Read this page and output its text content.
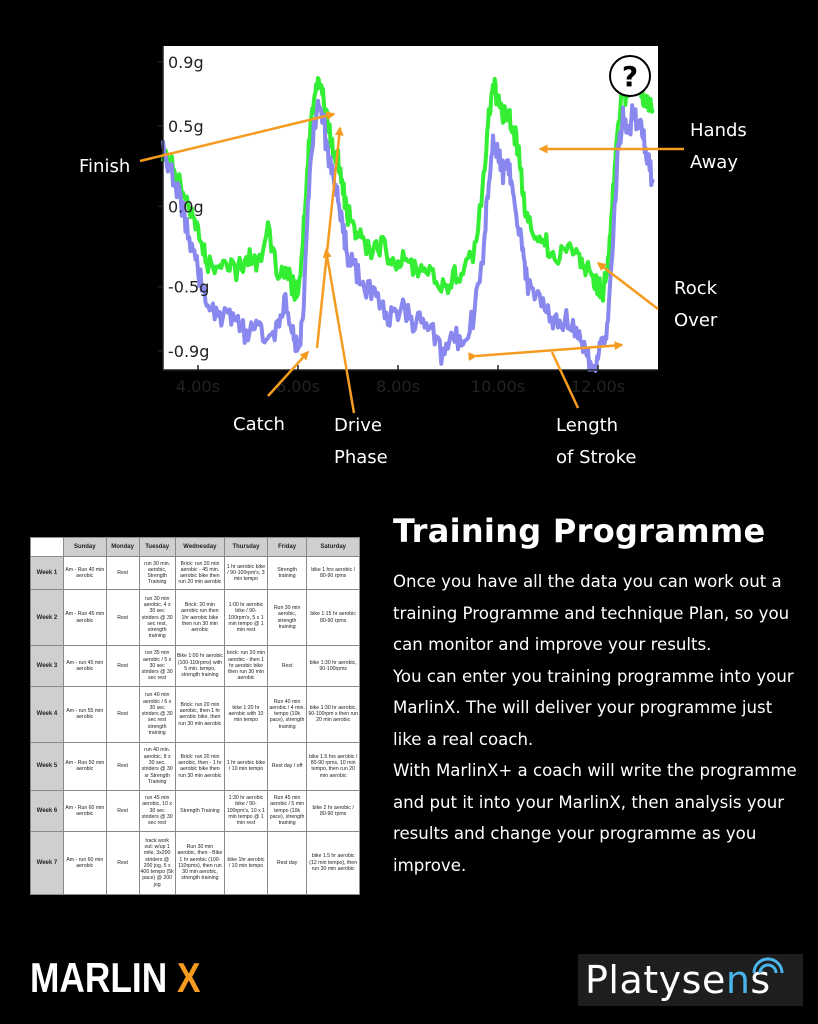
0.9g
0.5g
0.0g
-0.5g
-0.9g
4.00s	6.00s	8.00s	10.00s	12.00s
?
Finish
Hands
Away
Rock
Over
Catch	Drive
Phase
Length
of Stroke
	Sunday	Monday	Tuesday	Wednesday	Thursday	Friday	Saturday
Week 1	Am - Run 40 min aerobic	Rest	run 30 min. aerobic, Strength Training	Brick: run 20 min aerobic - 45 min. aerobic bike then run 20 min aerobic	1 hr aerobic bike / 90-100rpm's, 3 min tempo	Strength training	bike 1 hrs aerobic / 80-90 rpms
Week 2	Am - Run 45 min aerobic	Rest	run 30 min aerobic, 4 x 30 sec striders @ 30 sec rest, strength training	Brick: 20 min aerobic run then 1hr aerobic bike then run 30 min aerobic	1:00 hr aerobic bike / 90-100rpm's, 5 x 1 min tempo @ 1 min rest	Run 30 min aerobic, strength training	bike 1:15 hr aerobic 80-90 rpms
Week 3	Am - run 45 min aerobic	Rest	run 35 min aerobic / 5 x 30 sec striders @ 30 sec rest	Bike 1:00 hr aerobic (100-110rpms) with 5 min. tempo, strength training	brick: run 20 min aerobic - then 1 hr aerobic bike then run 30 min aerobic	Rest	bike 1:30 hr aerobic, 90-100rpms
Week 4	Am - run 55 min aerobic	Rest	run 40 min aerobic / 6 x 30 sec striders @ 30 sec rest strength training	Brick: run 20 min aerobic, then 1 hr aerobic bike, then run 30 min aerobic	bike 1:20 hr aerobic with 10 min tempo	Run 40 min aerobic / 4 min. tempo (10k pace), strength training	bike 1:30 hr aerobic, 90-100rpm s then run 20 min aerobic
Week 5	Am - Run 50 min aerobic	Rest	run 40 min. aerobic, 8 x 30 sec. striders @ 30 sr Strength Training	Brick: run 20 min aerobic, then - 1 hr aerobic bike then run 30 min aerobic	1 hr aerobic bike / 10 min tempo	Rest day / off	bike 1.5 hrs aerobic / 80-90 rpms, 10 min tempo, then run 20 min aerobic
Week 6	Am - Run 60 min aerobic	Rest	run 45 min aerobic, 10 x 30 sec striders @ 30 sec rest	Strength Training	1:30 hr aerobic bike / 90-100rpm's, 10 x 1 min tempo @ 1 min rest	Run 45 min aerobic / 5 min tempo (10k pace), strength training	bike 2 hr aerobic / 80-90 rpms
Week 7	Am - run 60 min aerobic	Rest	track work out: w/up 1 mile, 3x200 striders @ 200 jog, 5 x 400 tempo (5k pace) @ 200 jog	Run 30 min aerobic, then - Bike 1 hr aerobic (100-110rpms), then run 30 min aerobic, strength training	bike 1hr aerobic / 10 min tempo	Rest day	bike 1.5 hr aerobic (12 min tempo), then run 30 min aerobic
Training Programme

Once you have all the data you can work out a training Programme and technique Plan, so you can monitor and improve your results.

You can enter you training programme into your MarlinX. The will deliver your programme just like a real coach.

With MarlinX+ a coach will write the programme and put it into your MarlinX, then analysis your results and change your programme as you improve.

MARLIN X	Platysens
